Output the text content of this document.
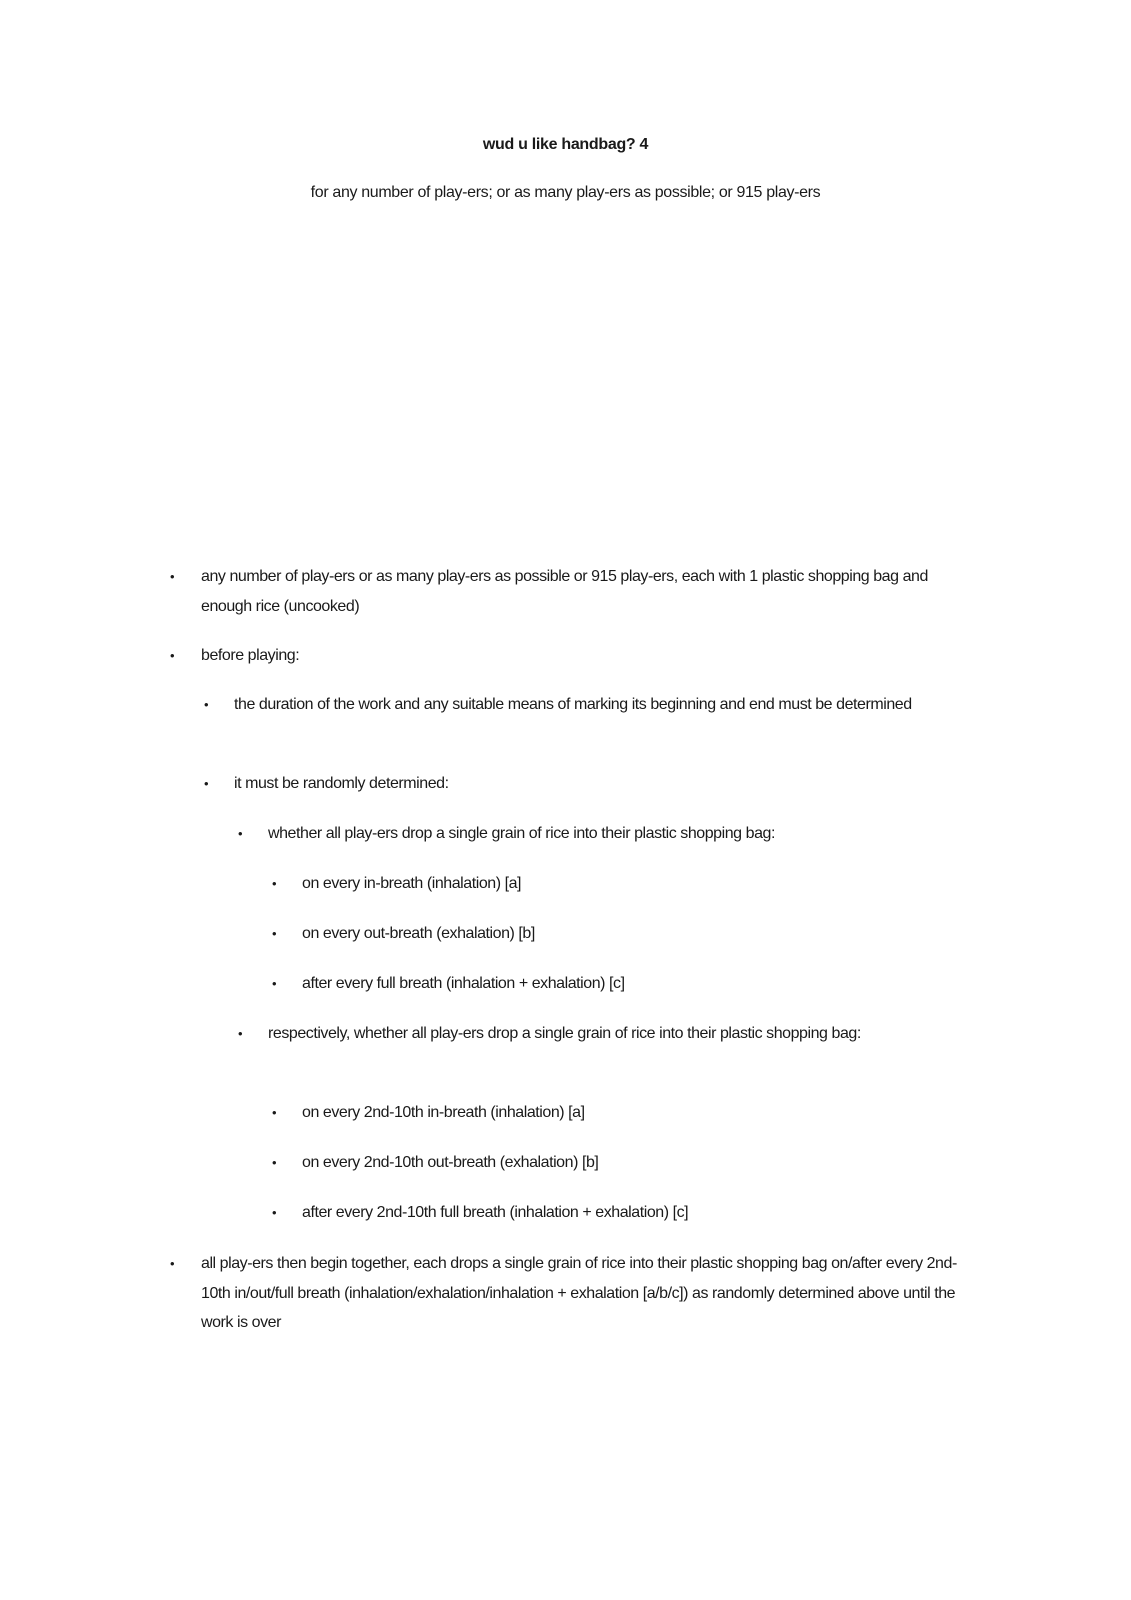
wud u like handbag? 4
for any number of play-ers; or as many play-ers as possible; or 915 play-ers
• any number of play-ers or as many play-ers as possible or 915 play-ers, each with 1 plastic shopping bag and enough rice (uncooked)
• before playing:
• the duration of the work and any suitable means of marking its beginning and end must be determined
• it must be randomly determined:
• whether all play-ers drop a single grain of rice into their plastic shopping bag:
• on every in-breath (inhalation) [a]
• on every out-breath (exhalation) [b]
• after every full breath (inhalation + exhalation) [c]
• respectively, whether all play-ers drop a single grain of rice into their plastic shopping bag:
• on every 2nd-10th in-breath (inhalation) [a]
• on every 2nd-10th out-breath (exhalation) [b]
• after every 2nd-10th full breath (inhalation + exhalation) [c]
• all play-ers then begin together, each drops a single grain of rice into their plastic shopping bag on/after every 2nd-10th in/out/full breath (inhalation/exhalation/inhalation + exhalation [a/b/c]) as randomly determined above until the work is over
